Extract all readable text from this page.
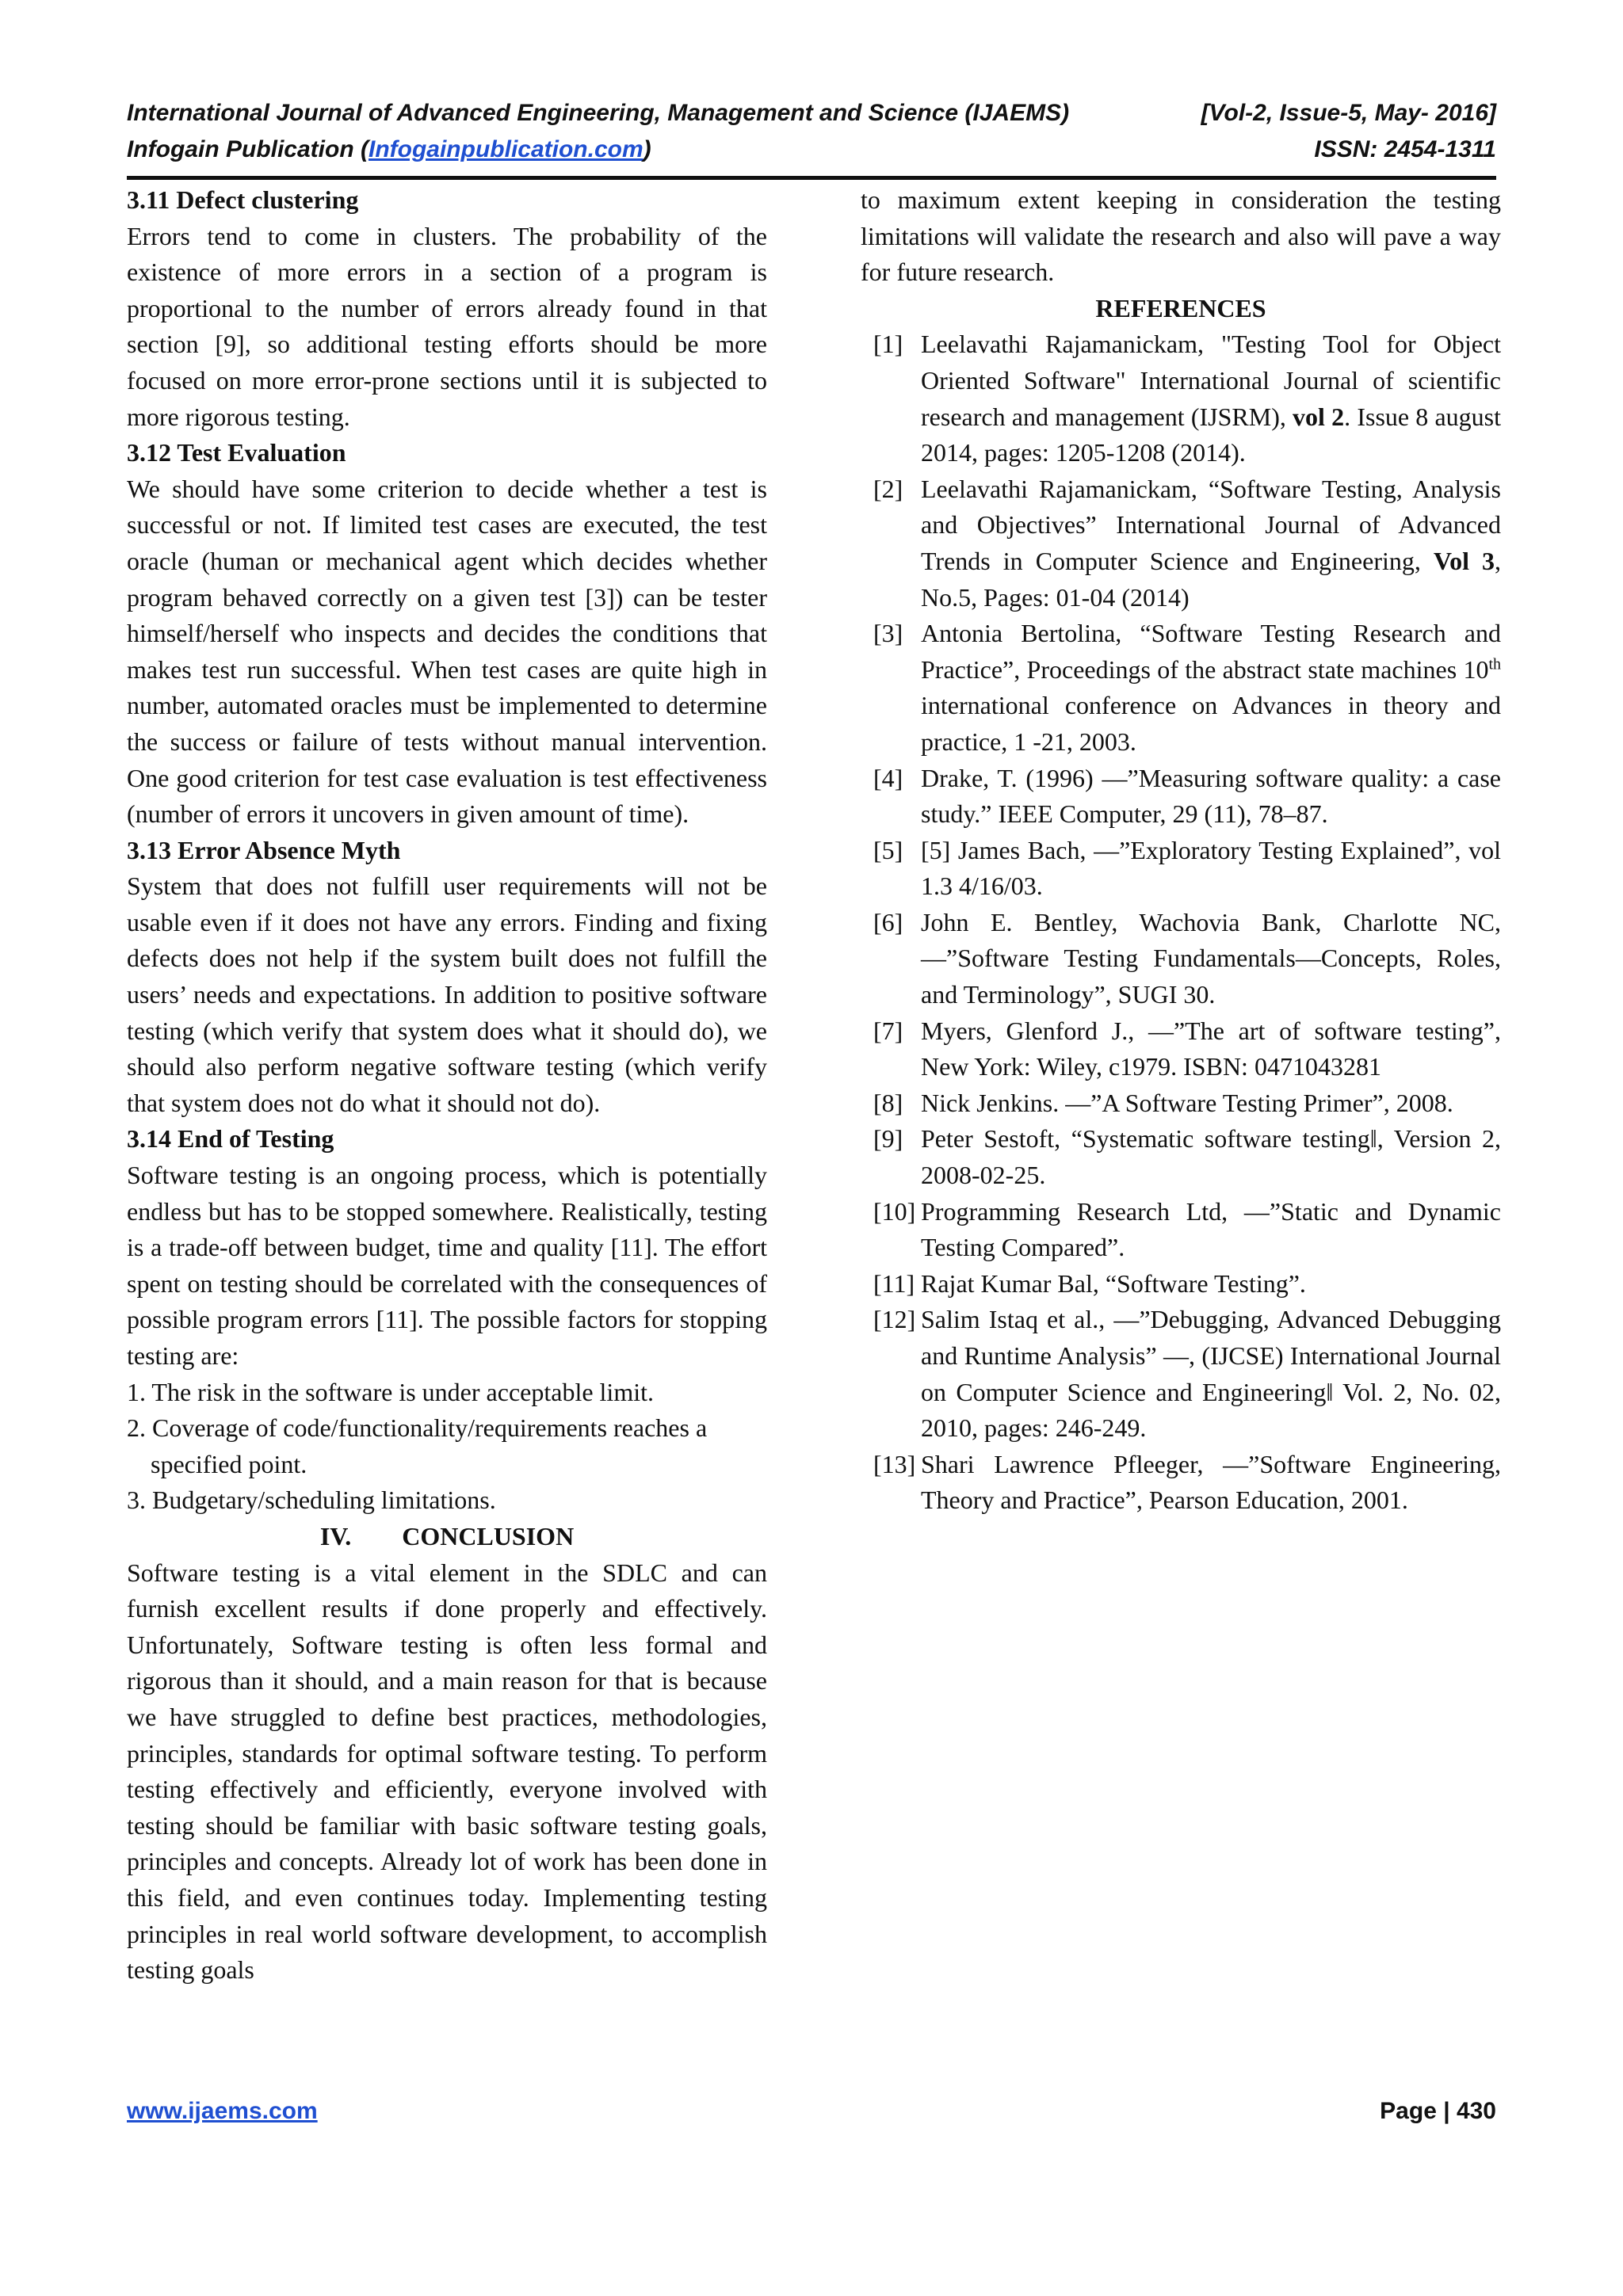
International Journal of Advanced Engineering, Management and Science (IJAEMS)	[Vol-2, Issue-5, May- 2016]
Infogain Publication (Infogainpublication.com)	ISSN: 2454-1311
3.11 Defect clustering

Errors tend to come in clusters. The probability of the existence of more errors in a section of a program is proportional to the number of errors already found in that section [9], so additional testing efforts should be more focused on more error-prone sections until it is subjected to more rigorous testing.

3.12 Test Evaluation

We should have some criterion to decide whether a test is successful or not. If limited test cases are executed, the test oracle (human or mechanical agent which decides whether program behaved correctly on a given test [3]) can be tester himself/herself who inspects and decides the conditions that makes test run successful. When test cases are quite high in number, automated oracles must be implemented to determine the success or failure of tests without manual intervention. One good criterion for test case evaluation is test effectiveness (number of errors it uncovers in given amount of time).

3.13 Error Absence Myth

System that does not fulfill user requirements will not be usable even if it does not have any errors. Finding and fixing defects does not help if the system built does not fulfill the users’ needs and expectations. In addition to positive software testing (which verify that system does what it should do), we should also perform negative software testing (which verify that system does not do what it should not do).

3.14 End of Testing

Software testing is an ongoing process, which is potentially endless but has to be stopped somewhere. Realistically, testing is a trade-off between budget, time and quality [11]. The effort spent on testing should be correlated with the consequences of possible program errors [11]. The possible factors for stopping testing are:

1. The risk in the software is under acceptable limit.

2. Coverage of code/functionality/requirements reaches a specified point.

3. Budgetary/scheduling limitations.

IV. CONCLUSION

Software testing is a vital element in the SDLC and can furnish excellent results if done properly and effectively. Unfortunately, Software testing is often less formal and rigorous than it should, and a main reason for that is because we have struggled to define best practices, methodologies, principles, standards for optimal software testing. To perform testing effectively and efficiently, everyone involved with testing should be familiar with basic software testing goals, principles and concepts. Already lot of work has been done in this field, and even continues today. Implementing testing principles in real world software development, to accomplish testing goals

to maximum extent keeping in consideration the testing limitations will validate the research and also will pave a way for future research.

REFERENCES

[1] Leelavathi Rajamanickam, "Testing Tool for Object Oriented Software" International Journal of scientific research and management (IJSRM), vol 2. Issue 8 august 2014, pages: 1205-1208 (2014).
[2] Leelavathi Rajamanickam, “Software Testing, Analysis and Objectives” International Journal of Advanced Trends in Computer Science and Engineering, Vol 3, No.5, Pages: 01-04 (2014)
[3] Antonia Bertolina, “Software Testing Research and Practice”, Proceedings of the abstract state machines 10th international conference on Advances in theory and practice, 1 -21, 2003.
[4] Drake, T. (1996) ―”Measuring software quality: a case study.” IEEE Computer, 29 (11), 78–87.
[5] [5] James Bach, ―”Exploratory Testing Explained”, vol 1.3 4/16/03.
[6] John E. Bentley, Wachovia Bank, Charlotte NC, ―”Software Testing Fundamentals—Concepts, Roles, and Terminology”, SUGI 30.
[7] Myers, Glenford J., ―”The art of software testing”, New York: Wiley, c1979. ISBN: 0471043281
[8] Nick Jenkins. ―”A Software Testing Primer”, 2008.
[9] Peter Sestoft, “Systematic software testing‖, Version 2, 2008-02-25.
[10] Programming Research Ltd, ―”Static and Dynamic Testing Compared”.
[11] Rajat Kumar Bal, “Software Testing”.
[12] Salim Istaq et al., ―”Debugging, Advanced Debugging and Runtime Analysis” ―, (IJCSE) International Journal on Computer Science and Engineering‖ Vol. 2, No. 02, 2010, pages: 246-249.
[13] Shari Lawrence Pfleeger, ―”Software Engineering, Theory and Practice”, Pearson Education, 2001.
www.ijaems.com	Page | 430
